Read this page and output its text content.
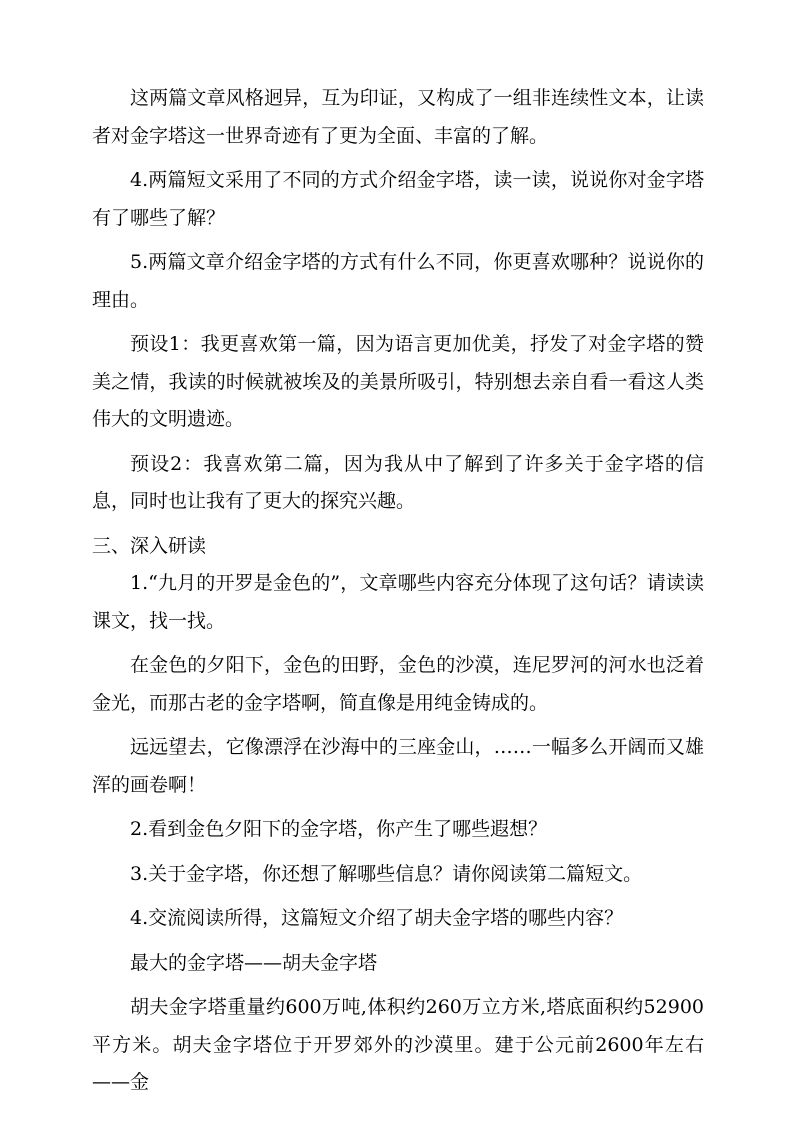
这两篇文章风格迥异，互为印证，又构成了一组非连续性文本，让读者对金字塔这一世界奇迹有了更为全面、丰富的了解。

4.两篇短文采用了不同的方式介绍金字塔，读一读，说说你对金字塔有了哪些了解？

5.两篇文章介绍金字塔的方式有什么不同，你更喜欢哪种？说说你的理由。

预设1：我更喜欢第一篇，因为语言更加优美，抒发了对金字塔的赞美之情，我读的时候就被埃及的美景所吸引，特别想去亲自看一看这人类伟大的文明遗迹。

预设2：我喜欢第二篇，因为我从中了解到了许多关于金字塔的信息，同时也让我有了更大的探究兴趣。

三、深入研读

1.“九月的开罗是金色的”，文章哪些内容充分体现了这句话？请读读课文，找一找。

在金色的夕阳下，金色的田野，金色的沙漠，连尼罗河的河水也泛着金光，而那古老的金字塔啊，简直像是用纯金铸成的。

远远望去，它像漂浮在沙海中的三座金山，……一幅多么开阔而又雄浑的画卷啊！

2.看到金色夕阳下的金字塔，你产生了哪些遐想？

3.关于金字塔，你还想了解哪些信息？请你阅读第二篇短文。

4.交流阅读所得，这篇短文介绍了胡夫金字塔的哪些内容？

最大的金字塔——胡夫金字塔

胡夫金字塔重量约600万吨,体积约260万立方米,塔底面积约52900平方米。胡夫金字塔位于开罗郊外的沙漠里。建于公元前2600年左右——金
